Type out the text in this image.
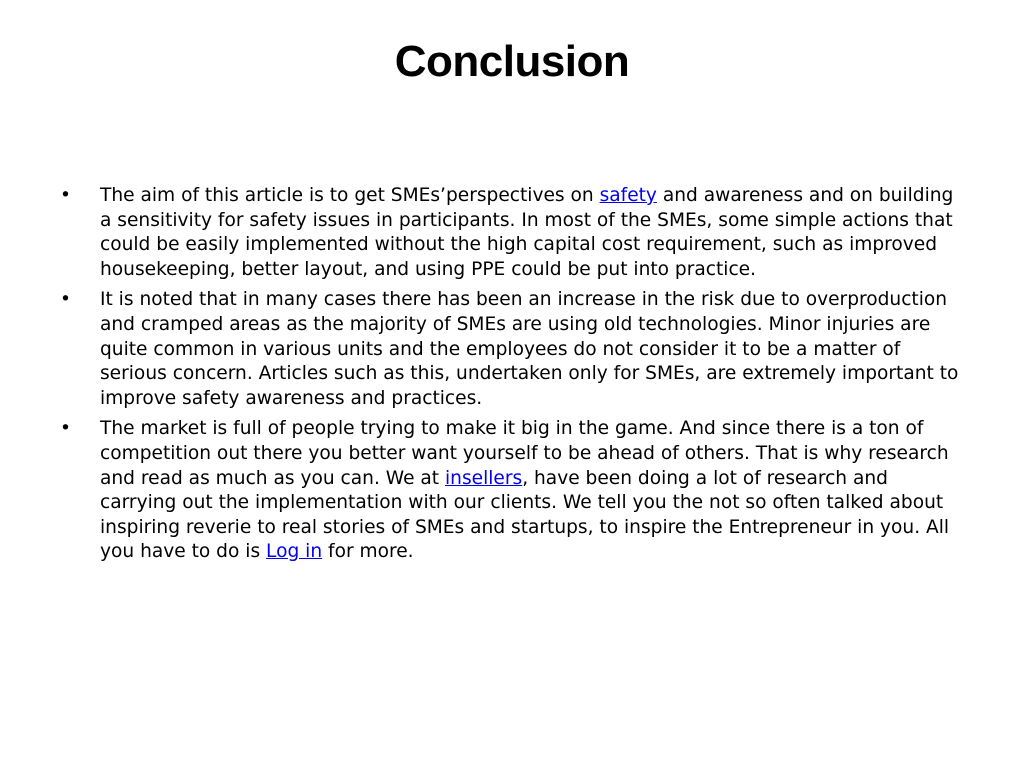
Conclusion
•	The aim of this article is to get SMEs’perspectives on safety and awareness and on building a sensitivity for safety issues in participants. In most of the SMEs, some simple actions that could be easily implemented without the high capital cost requirement, such as improved housekeeping, better layout, and using PPE could be put into practice.
•	It is noted that in many cases there has been an increase in the risk due to overproduction and cramped areas as the majority of SMEs are using old technologies. Minor injuries are quite common in various units and the employees do not consider it to be a matter of serious concern. Articles such as this, undertaken only for SMEs, are extremely important to improve safety awareness and practices.
•	The market is full of people trying to make it big in the game. And since there is a ton of competition out there you better want yourself to be ahead of others. That is why research and read as much as you can. We at insellers, have been doing a lot of research and carrying out the implementation with our clients. We tell you the not so often talked about inspiring reverie to real stories of SMEs and startups, to inspire the Entrepreneur in you. All you have to do is Log in for more.
